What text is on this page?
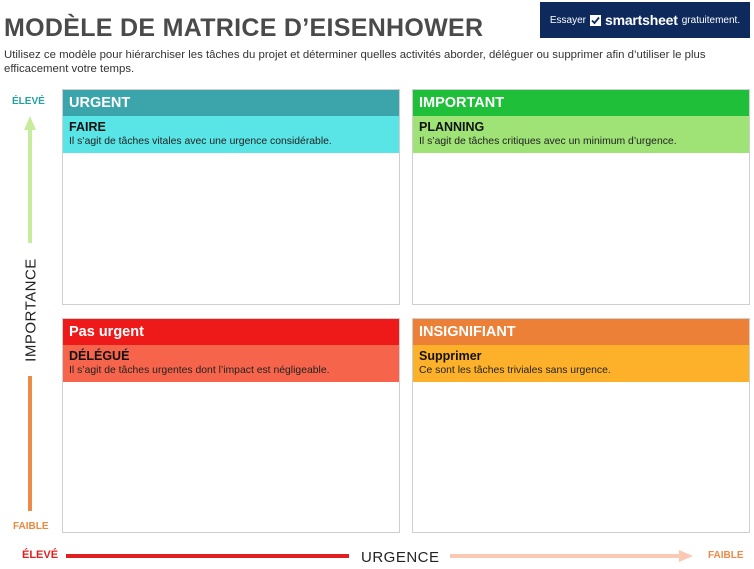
MODÈLE DE MATRICE D’EISENHOWER
Utilisez ce modèle pour hiérarchiser les tâches du projet et déterminer quelles activités aborder, déléguer ou supprimer afin d’utiliser le plus efficacement votre temps.
Essayer smartsheet gratuitement.
ÉLEVÉ
IMPORTANCE
FAIBLE
ÉLEVÉ	URGENCE	FAIBLE
URGENT
FAIRE
Il s’agit de tâches vitales avec une urgence considérable.
IMPORTANT
PLANNING
Il s’agit de tâches critiques avec un minimum d’urgence.
Pas urgent
DÉLÉGUÉ
Il s’agit de tâches urgentes dont l’impact est négligeable.
INSIGNIFIANT
Supprimer
Ce sont les tâches triviales sans urgence.
